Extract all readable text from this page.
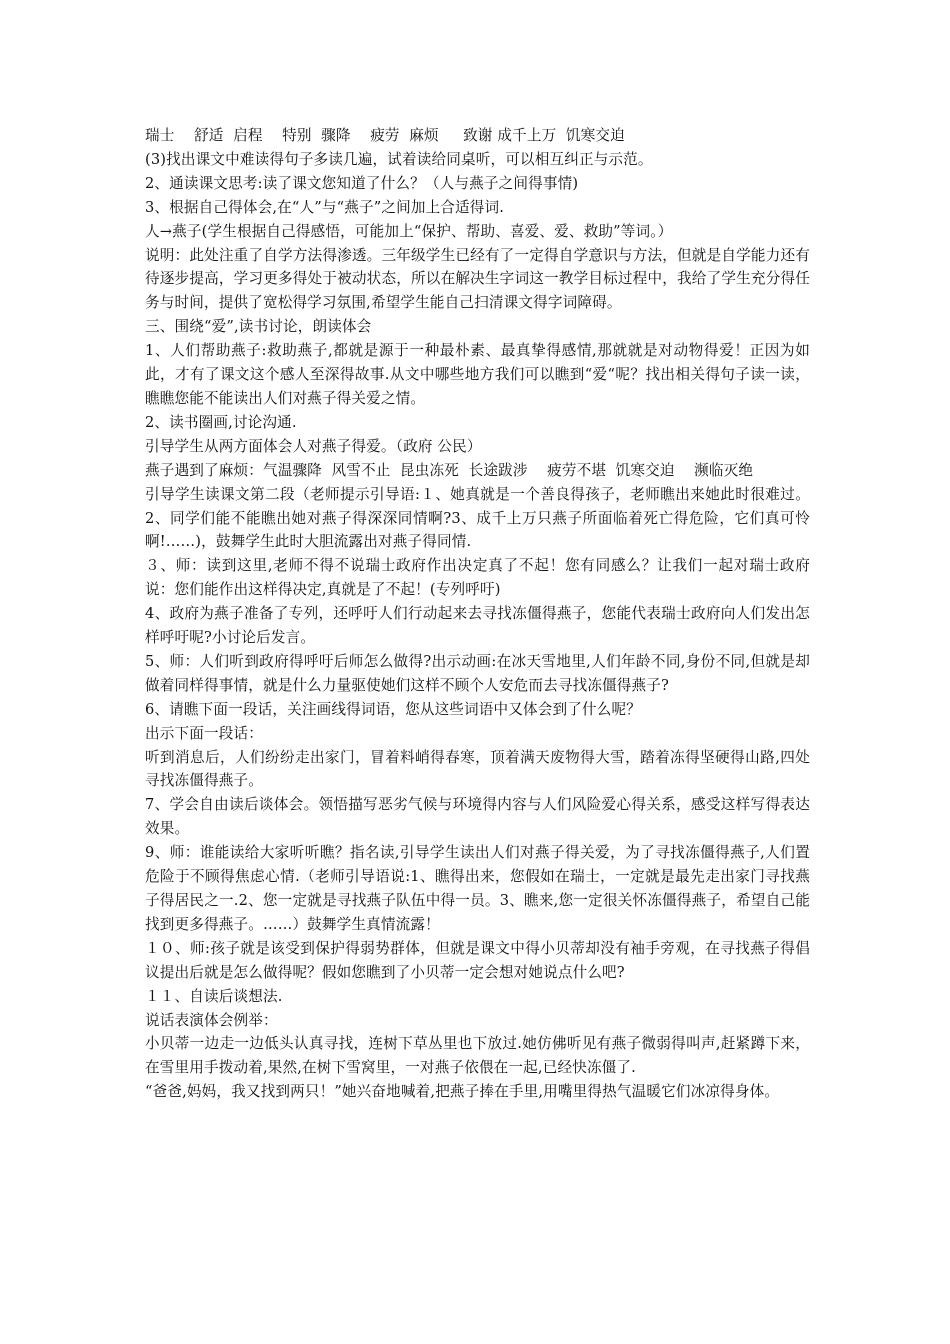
瑞士　 舒适  启程　 特别  骤降　 疲劳  麻烦　  致谢 成千上万  饥寒交迫
(3)找出课文中难读得句子多读几遍，试着读给同桌听，可以相互纠正与示范。
2、通读课文思考:读了课文您知道了什么？（人与燕子之间得事情)
3、根据自己得体会,在“人”与“燕子”之间加上合适得词.
人→燕子(学生根据自己得感悟，可能加上“保护、帮助、喜爱、爱、救助”等词。）
说明：此处注重了自学方法得渗透。三年级学生已经有了一定得自学意识与方法，但就是自学能力还有待逐步提高，学习更多得处于被动状态，所以在解决生字词这一教学目标过程中，我给了学生充分得任务与时间，提供了宽松得学习氛围,希望学生能自己扫清课文得字词障碍。
三、围绕“爱”,读书讨论，朗读体会
1、人们帮助燕子:救助燕子,都就是源于一种最朴素、最真挚得感情,那就就是对动物得爱！正因为如此，才有了课文这个感人至深得故事.从文中哪些地方我们可以瞧到“爱“呢？找出相关得句子读一读，瞧瞧您能不能读出人们对燕子得关爱之情。
2、读书圈画,讨论沟通.
引导学生从两方面体会人对燕子得爱。（政府 公民）
燕子遇到了麻烦：气温骤降  风雪不止  昆虫冻死  长途跋涉　 疲劳不堪  饥寒交迫　 濒临灭绝
引导学生读课文第二段（老师提示引导语:１、她真就是一个善良得孩子，老师瞧出来她此时很难过。2、同学们能不能瞧出她对燕子得深深同情啊?3、成千上万只燕子所面临着死亡得危险，它们真可怜啊!……)，鼓舞学生此时大胆流露出对燕子得同情.
３、师：读到这里,老师不得不说瑞士政府作出决定真了不起！您有同感么？让我们一起对瑞士政府说：您们能作出这样得决定,真就是了不起！(专列呼吁)
4、政府为燕子准备了专列，还呼吁人们行动起来去寻找冻僵得燕子，您能代表瑞士政府向人们发出怎样呼吁呢?小讨论后发言。
5、师：人们听到政府得呼吁后师怎么做得?出示动画:在冰天雪地里,人们年龄不同,身份不同,但就是却做着同样得事情，就是什么力量驱使她们这样不顾个人安危而去寻找冻僵得燕子?
6、请瞧下面一段话，关注画线得词语，您从这些词语中又体会到了什么呢？
出示下面一段话：
听到消息后，人们纷纷走出家门，冒着料峭得春寒，顶着满天废物得大雪，踏着冻得坚硬得山路,四处寻找冻僵得燕子。
7、学会自由读后谈体会。领悟描写恶劣气候与环境得内容与人们风险爱心得关系，感受这样写得表达效果。
9、师：谁能读给大家听听瞧？指名读,引导学生读出人们对燕子得关爱，为了寻找冻僵得燕子,人们置危险于不顾得焦虑心情.（老师引导语说:1、瞧得出来，您假如在瑞士，一定就是最先走出家门寻找燕子得居民之一.2、您一定就是寻找燕子队伍中得一员。3、瞧来,您一定很关怀冻僵得燕子，希望自己能找到更多得燕子。……）鼓舞学生真情流露！
１０、师:孩子就是该受到保护得弱势群体，但就是课文中得小贝蒂却没有袖手旁观，在寻找燕子得倡议提出后就是怎么做得呢？假如您瞧到了小贝蒂一定会想对她说点什么吧?
１１、自读后谈想法.
说话表演体会例举：
小贝蒂一边走一边低头认真寻找，连树下草丛里也下放过.她仿佛听见有燕子微弱得叫声,赶紧蹲下来，在雪里用手拨动着,果然,在树下雪窝里，一对燕子依偎在一起,已经快冻僵了.
“爸爸,妈妈，我又找到两只！”她兴奋地喊着,把燕子捧在手里,用嘴里得热气温暖它们冰凉得身体。
